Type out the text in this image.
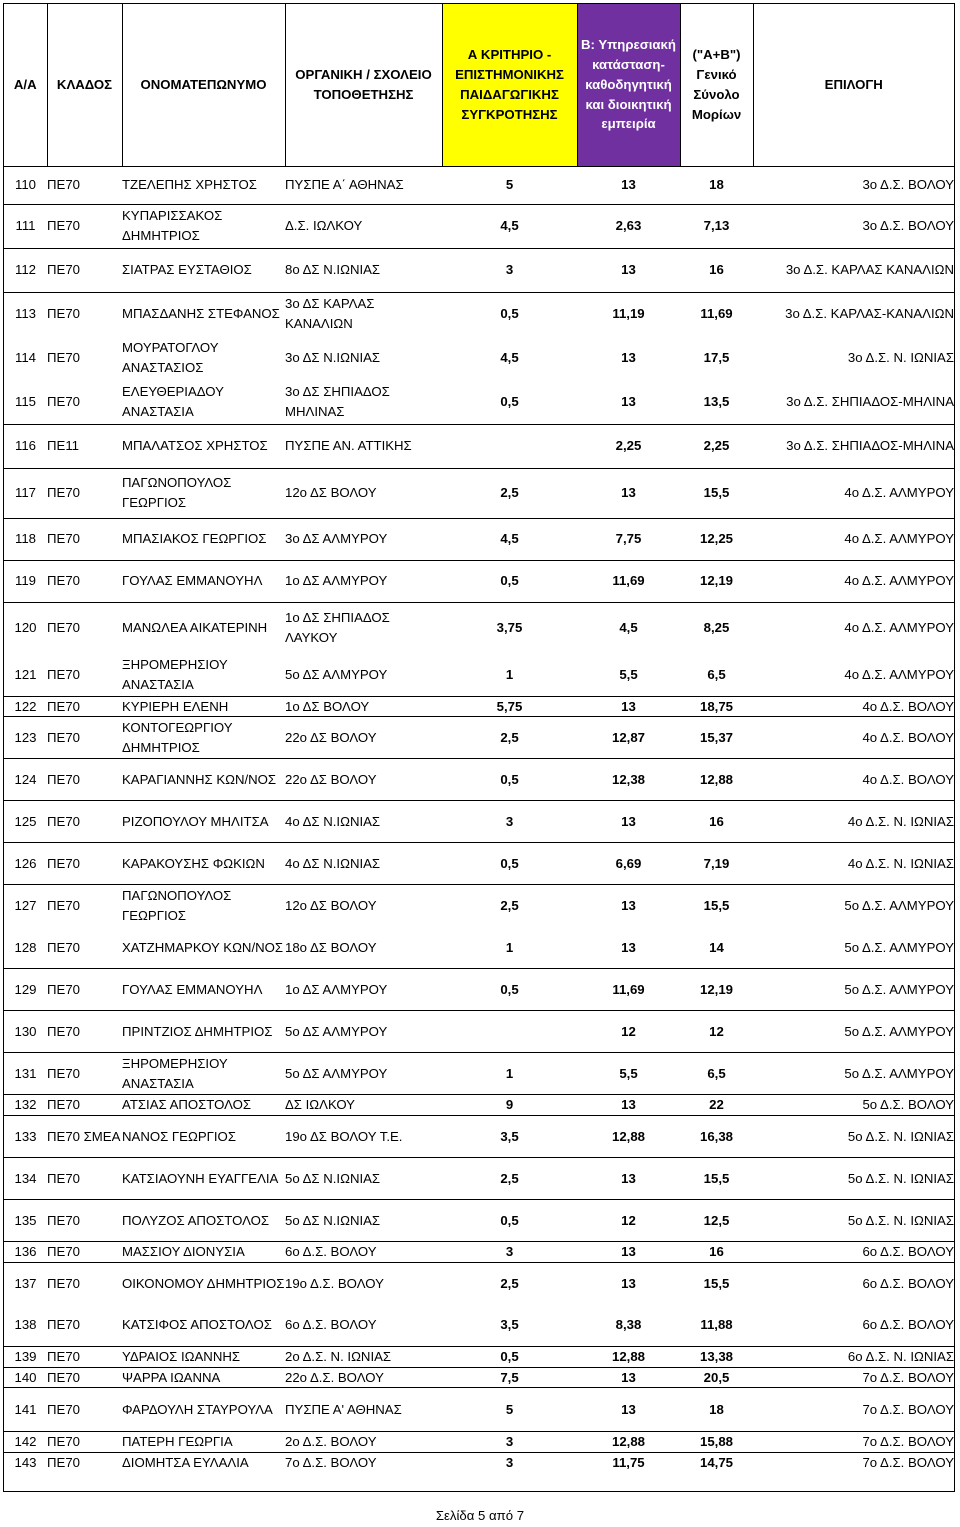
Α/Α	ΚΛΑΔΟΣ	ΟΝΟΜΑΤΕΠΩΝΥΜΟ	ΟΡΓΑΝΙΚΗ / ΣΧΟΛΕΙΟ ΤΟΠΟΘΕΤΗΣΗΣ	Α ΚΡΙΤΗΡΙΟ - ΕΠΙΣΤΗΜΟΝΙΚΗΣ ΠΑΙΔΑΓΩΓΙΚΗΣ ΣΥΓΚΡΟΤΗΣΗΣ	Β: Υπηρεσιακή κατάσταση- καθοδηγητική και διοικητική εμπειρία	("Α+Β") Γενικό Σύνολο Μορίων	ΕΠΙΛΟΓΗ
110	ΠΕ70	ΤΖΕΛΕΠΗΣ ΧΡΗΣΤΟΣ	ΠΥΣΠΕ Α΄ ΑΘΗΝΑΣ	5	13	18	3ο Δ.Σ. ΒΟΛΟΥ
111	ΠΕ70	ΚΥΠΑΡΙΣΣΑΚΟΣ ΔΗΜΗΤΡΙΟΣ	Δ.Σ. ΙΩΛΚΟΥ	4,5	2,63	7,13	3ο Δ.Σ. ΒΟΛΟΥ
112	ΠΕ70	ΣΙΑΤΡΑΣ ΕΥΣΤΑΘΙΟΣ	8ο ΔΣ Ν.ΙΩΝΙΑΣ	3	13	16	3ο Δ.Σ. ΚΑΡΛΑΣ ΚΑΝΑΛΙΩΝ
113	ΠΕ70	ΜΠΑΣΔΑΝΗΣ ΣΤΕΦΑΝΟΣ	3ο ΔΣ ΚΑΡΛΑΣ ΚΑΝΑΛΙΩΝ	0,5	11,19	11,69	3ο Δ.Σ. ΚΑΡΛΑΣ-ΚΑΝΑΛΙΩΝ
114	ΠΕ70	ΜΟΥΡΑΤΟΓΛΟΥ ΑΝΑΣΤΑΣΙΟΣ	3ο ΔΣ Ν.ΙΩΝΙΑΣ	4,5	13	17,5	3ο Δ.Σ. Ν. ΙΩΝΙΑΣ
115	ΠΕ70	ΕΛΕΥΘΕΡΙΑΔΟΥ ΑΝΑΣΤΑΣΙΑ	3ο ΔΣ ΣΗΠΙΑΔΟΣ ΜΗΛΙΝΑΣ	0,5	13	13,5	3ο Δ.Σ. ΣΗΠΙΑΔΟΣ-ΜΗΛΙΝΑ
116	ΠΕ11	ΜΠΑΛΑΤΣΟΣ ΧΡΗΣΤΟΣ	ΠΥΣΠΕ ΑΝ. ΑΤΤΙΚΗΣ		2,25	2,25	3ο Δ.Σ. ΣΗΠΙΑΔΟΣ-ΜΗΛΙΝΑ
117	ΠΕ70	ΠΑΓΩΝΟΠΟΥΛΟΣ ΓΕΩΡΓΙΟΣ	12ο ΔΣ ΒΟΛΟΥ	2,5	13	15,5	4ο Δ.Σ. ΑΛΜΥΡΟΥ
118	ΠΕ70	ΜΠΑΣΙΑΚΟΣ ΓΕΩΡΓΙΟΣ	3ο ΔΣ ΑΛΜΥΡΟΥ	4,5	7,75	12,25	4ο Δ.Σ. ΑΛΜΥΡΟΥ
119	ΠΕ70	ΓΟΥΛΑΣ ΕΜΜΑΝΟΥΗΛ	1ο ΔΣ ΑΛΜΥΡΟΥ	0,5	11,69	12,19	4ο Δ.Σ. ΑΛΜΥΡΟΥ
120	ΠΕ70	ΜΑΝΩΛΕΑ ΑΙΚΑΤΕΡΙΝΗ	1ο ΔΣ ΣΗΠΙΑΔΟΣ ΛΑΥΚΟΥ	3,75	4,5	8,25	4ο Δ.Σ. ΑΛΜΥΡΟΥ
121	ΠΕ70	ΞΗΡΟΜΕΡΗΣΙΟΥ ΑΝΑΣΤΑΣΙΑ	5ο ΔΣ ΑΛΜΥΡΟΥ	1	5,5	6,5	4ο Δ.Σ. ΑΛΜΥΡΟΥ
122	ΠΕ70	ΚΥΡΙΕΡΗ ΕΛΕΝΗ	1ο ΔΣ ΒΟΛΟΥ	5,75	13	18,75	4ο Δ.Σ. ΒΟΛΟΥ
123	ΠΕ70	ΚΟΝΤΟΓΕΩΡΓΙΟΥ ΔΗΜΗΤΡΙΟΣ	22ο ΔΣ ΒΟΛΟΥ	2,5	12,87	15,37	4ο Δ.Σ. ΒΟΛΟΥ
124	ΠΕ70	ΚΑΡΑΓΙΑΝΝΗΣ ΚΩΝ/ΝΟΣ	22ο ΔΣ ΒΟΛΟΥ	0,5	12,38	12,88	4ο Δ.Σ. ΒΟΛΟΥ
125	ΠΕ70	ΡΙΖΟΠΟΥΛΟΥ ΜΗΛΙΤΣΑ	4ο ΔΣ Ν.ΙΩΝΙΑΣ	3	13	16	4ο Δ.Σ. Ν. ΙΩΝΙΑΣ
126	ΠΕ70	ΚΑΡΑΚΟΥΣΗΣ ΦΩΚΙΩΝ	4ο ΔΣ Ν.ΙΩΝΙΑΣ	0,5	6,69	7,19	4ο Δ.Σ. Ν. ΙΩΝΙΑΣ
127	ΠΕ70	ΠΑΓΩΝΟΠΟΥΛΟΣ ΓΕΩΡΓΙΟΣ	12ο ΔΣ ΒΟΛΟΥ	2,5	13	15,5	5ο Δ.Σ. ΑΛΜΥΡΟΥ
128	ΠΕ70	ΧΑΤΖΗΜΑΡΚΟΥ ΚΩΝ/ΝΟΣ	18ο ΔΣ ΒΟΛΟΥ	1	13	14	5ο Δ.Σ. ΑΛΜΥΡΟΥ
129	ΠΕ70	ΓΟΥΛΑΣ ΕΜΜΑΝΟΥΗΛ	1ο ΔΣ ΑΛΜΥΡΟΥ	0,5	11,69	12,19	5ο Δ.Σ. ΑΛΜΥΡΟΥ
130	ΠΕ70	ΠΡΙΝΤΖΙΟΣ ΔΗΜΗΤΡΙΟΣ	5ο ΔΣ ΑΛΜΥΡΟΥ		12	12	5ο Δ.Σ. ΑΛΜΥΡΟΥ
131	ΠΕ70	ΞΗΡΟΜΕΡΗΣΙΟΥ ΑΝΑΣΤΑΣΙΑ	5ο ΔΣ ΑΛΜΥΡΟΥ	1	5,5	6,5	5ο Δ.Σ. ΑΛΜΥΡΟΥ
132	ΠΕ70	ΑΤΣΙΑΣ ΑΠΟΣΤΟΛΟΣ	ΔΣ ΙΩΛΚΟΥ	9	13	22	5ο Δ.Σ. ΒΟΛΟΥ
133	ΠΕ70 ΣΜΕΑ	ΝΑΝΟΣ ΓΕΩΡΓΙΟΣ	19ο ΔΣ ΒΟΛΟΥ Τ.Ε.	3,5	12,88	16,38	5ο Δ.Σ. Ν. ΙΩΝΙΑΣ
134	ΠΕ70	ΚΑΤΣΙΑΟΥΝΗ ΕΥΑΓΓΕΛΙΑ	5ο ΔΣ Ν.ΙΩΝΙΑΣ	2,5	13	15,5	5ο Δ.Σ. Ν. ΙΩΝΙΑΣ
135	ΠΕ70	ΠΟΛΥΖΟΣ ΑΠΟΣΤΟΛΟΣ	5ο ΔΣ Ν.ΙΩΝΙΑΣ	0,5	12	12,5	5ο Δ.Σ. Ν. ΙΩΝΙΑΣ
136	ΠΕ70	ΜΑΣΣΙΟΥ ΔΙΟΝΥΣΙΑ	6ο Δ.Σ. ΒΟΛΟΥ	3	13	16	6ο Δ.Σ. ΒΟΛΟΥ
137	ΠΕ70	ΟΙΚΟΝΟΜΟΥ ΔΗΜΗΤΡΙΟΣ	19ο Δ.Σ. ΒΟΛΟΥ	2,5	13	15,5	6ο Δ.Σ. ΒΟΛΟΥ
138	ΠΕ70	ΚΑΤΣΙΦΟΣ ΑΠΟΣΤΟΛΟΣ	6ο Δ.Σ. ΒΟΛΟΥ	3,5	8,38	11,88	6ο Δ.Σ. ΒΟΛΟΥ
139	ΠΕ70	ΥΔΡΑΙΟΣ ΙΩΑΝΝΗΣ	2ο Δ.Σ. Ν. ΙΩΝΙΑΣ	0,5	12,88	13,38	6ο Δ.Σ. Ν. ΙΩΝΙΑΣ
140	ΠΕ70	ΨΑΡΡΑ ΙΩΑΝΝΑ	22ο Δ.Σ. ΒΟΛΟΥ	7,5	13	20,5	7ο Δ.Σ. ΒΟΛΟΥ
141	ΠΕ70	ΦΑΡΔΟΥΛΗ ΣΤΑΥΡΟΥΛΑ	ΠΥΣΠΕ Α' ΑΘΗΝΑΣ	5	13	18	7ο Δ.Σ. ΒΟΛΟΥ
142	ΠΕ70	ΠΑΤΕΡΗ ΓΕΩΡΓΙΑ	2ο Δ.Σ. ΒΟΛΟΥ	3	12,88	15,88	7ο Δ.Σ. ΒΟΛΟΥ
143	ΠΕ70	ΔΙΟΜΗΤΣΑ ΕΥΛΑΛΙΑ	7ο Δ.Σ. ΒΟΛΟΥ	3	11,75	14,75	7ο Δ.Σ. ΒΟΛΟΥ
Σελίδα 5 από 7
